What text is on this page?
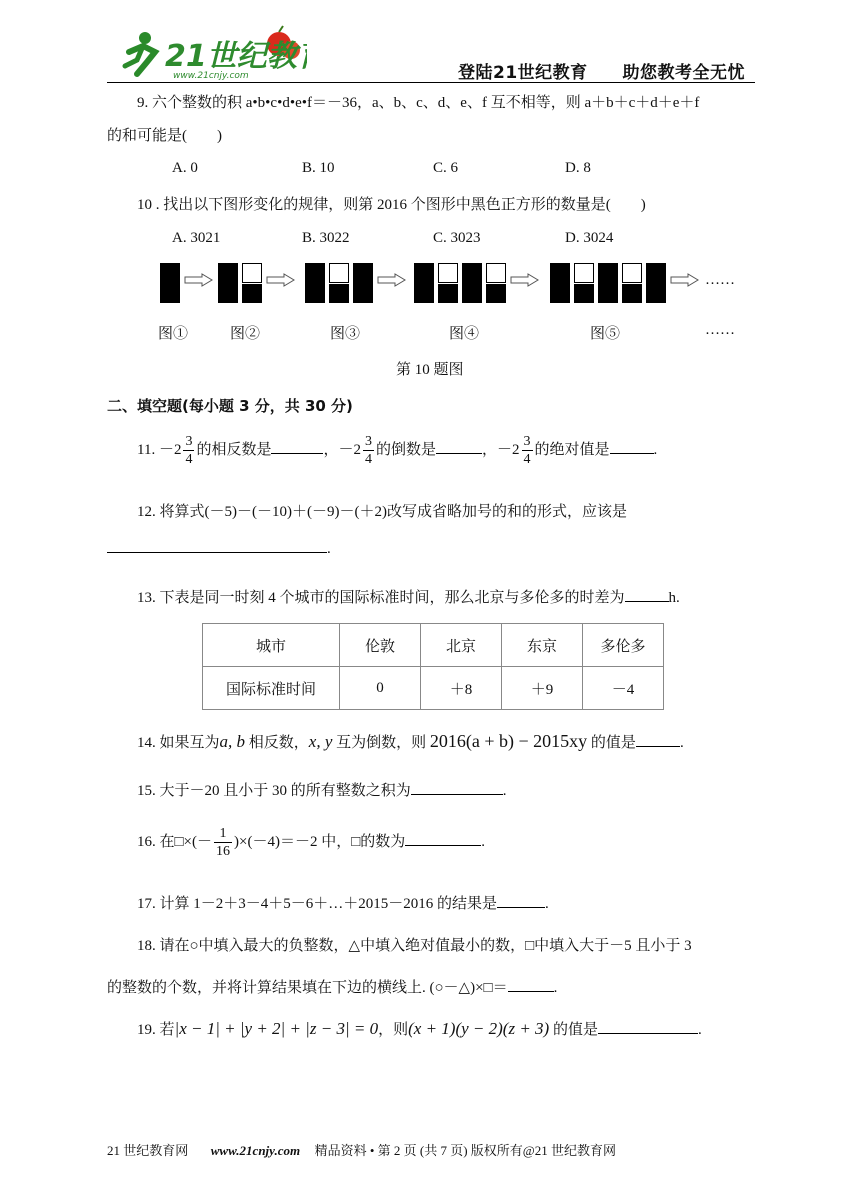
21世纪教
www.21cnjy.com	登陆21世纪教育 助您教考全无忧
9. 六个整数的积 a•b•c•d•e•f＝－36，a、b、c、d、e、f 互不相等，则 a＋b＋c＋d＋e＋f
的和可能是(　　)
A. 0	B. 10	C. 6	D. 8
10 . 找出以下图形变化的规律，则第 2016 个图形中黑色正方形的数量是(　　)
A. 3021	B. 3022	C. 3023	D. 3024
……
图①	图②	图③	图④	图⑤	……
第 10 题图
二、填空题(每小题 3 分，共 30 分)
11. $-2 \frac{3}{4}$ 的相反数是	，$-2 \frac{3}{4}$ 的倒数是	，$-2 \frac{3}{4}$ 的绝对值是	.
12. 将算式(－5)－(－10)＋(－9)－(＋2)改写成省略加号的和的形式，应该是
.
13. 下表是同一时刻 4 个城市的国际标准时间，那么北京与多伦多的时差为	h.
城市	伦敦	北京	东京	多伦多
国际标准时间	0	＋8	＋9	－4
14. 如果互为a, b 相反数，x, y 互为倒数，则 2016(a + b) − 2015xy 的值是	.
15. 大于－20 且小于 30 的所有整数之积为	.
16. 在□×(－ $\frac{1}{16} )\times(-4)=-2$ 中，□的数为	.
17. 计算 1－2＋3－4＋5－6＋…＋2015－2016 的结果是	.
18. 请在○中填入最大的负整数，△中填入绝对值最小的数，□中填入大于－5 且小于 3
的整数的个数，并将计算结果填在下边的横线上. (○－△)×□＝	.
19. 若|x − 1| + |y + 2| + |z − 3| = 0，则(x + 1)(y − 2)(z + 3) 的值是	.
21 世纪教育网 www.21cnjy.com 精品资料 • 第 2 页 (共 7 页) 版权所有@21 世纪教育网
